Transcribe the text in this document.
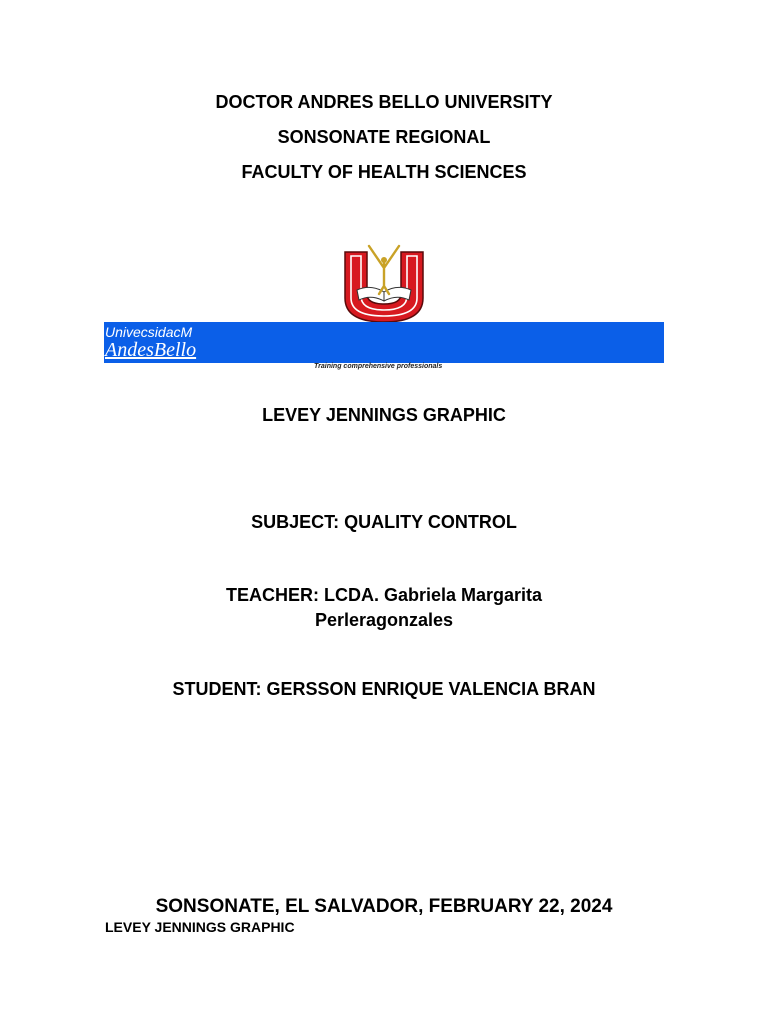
DOCTOR ANDRES BELLO UNIVERSITY
SONSONATE REGIONAL
FACULTY OF HEALTH SCIENCES
UnivecsidacM
AndesBello
Training comprehensive professionals
LEVEY JENNINGS GRAPHIC
SUBJECT: QUALITY CONTROL
TEACHER: LCDA. Gabriela Margarita
Perleragonzales
STUDENT: GERSSON ENRIQUE VALENCIA BRAN
SONSONATE, EL SALVADOR, FEBRUARY 22, 2024
LEVEY JENNINGS GRAPHIC
